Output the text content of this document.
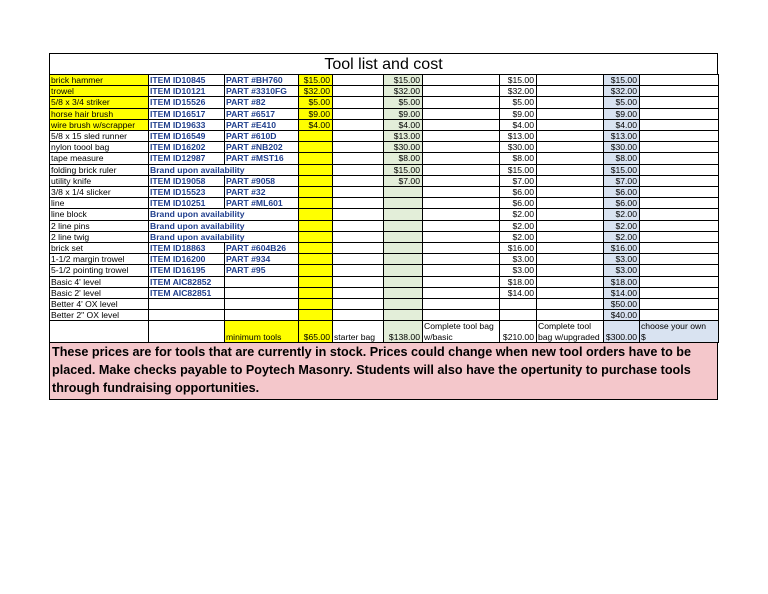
Tool list and cost
brick hammer	ITEM ID10845	PART #BH760	$15.00		$15.00		$15.00		$15.00	
trowel	ITEM ID10121	PART #3310FG	$32.00		$32.00		$32.00		$32.00	
5/8 x 3/4 striker	ITEM ID15526	PART #82	$5.00		$5.00		$5.00		$5.00	
horse hair brush	ITEM ID16517	PART #6517	$9.00		$9.00		$9.00		$9.00	
wire brush w/scrapper	ITEM ID19633	PART #E410	$4.00		$4.00		$4.00		$4.00	
5/8 x 15 sled runner	ITEM ID16549	PART #610D			$13.00		$13.00		$13.00	
nylon toool bag	ITEM ID16202	PART #NB202			$30.00		$30.00		$30.00	
tape measure	ITEM ID12987	PART #MST16			$8.00		$8.00		$8.00	
folding brick ruler	Brand upon availability				$15.00		$15.00		$15.00	
utility knife	ITEM ID19058	PART #9058			$7.00		$7.00		$7.00	
3/8 x 1/4 slicker	ITEM ID15523	PART #32					$6.00		$6.00	
line	ITEM ID10251	PART #ML601					$6.00		$6.00	
line block	Brand upon availability						$2.00		$2.00	
2 line pins	Brand upon availability						$2.00		$2.00	
2 line twig	Brand upon availability						$2.00		$2.00	
brick set	ITEM ID18863	PART #604B26					$16.00		$16.00	
1-1/2 margin trowel	ITEM ID16200	PART #934					$3.00		$3.00	
5-1/2 pointing trowel	ITEM ID16195	PART #95					$3.00		$3.00	
Basic 4' level	ITEM AIC82852						$18.00		$18.00	
Basic 2' level	ITEM AIC82851						$14.00		$14.00	
Better 4' OX level									$50.00	
Better 2" OX level									$40.00	
		minimum tools	$65.00	starter bag	$138.00	Complete tool bag w/basic	$210.00	Complete tool bag w/upgraded	$300.00	choose your own
$
These prices are for tools that are currently in stock. Prices could change when new tool orders have to be placed. Make checks payable to Poytech Masonry. Students will also have the opertunity to purchase tools through fundraising opportunities.
